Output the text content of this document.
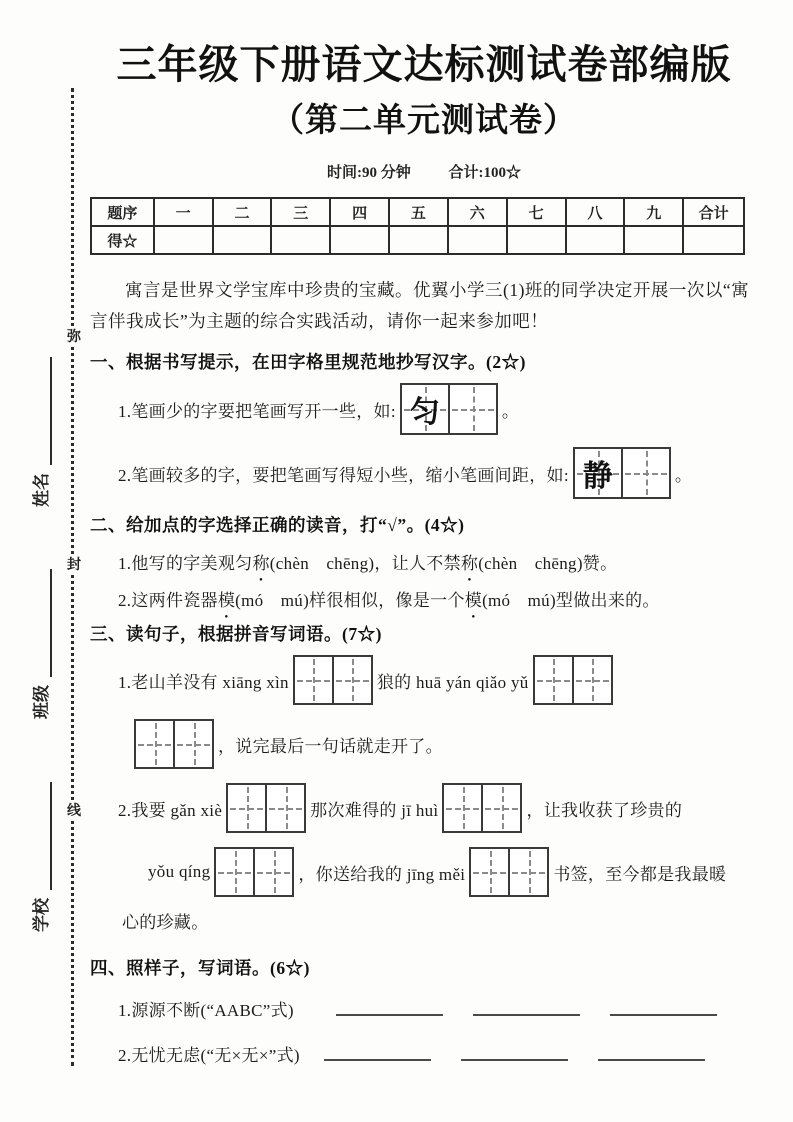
弥
封
线
姓名
班级
学校
三年级下册语文达标测试卷部编版
（第二单元测试卷）
时间:90 分钟	合计:100☆
题序	一	二	三	四	五	六	七	八	九	合计
得☆										

寓言是世界文学宝库中珍贵的宝藏。优翼小学三(1)班的同学决定开展一次以“寓言伴我成长”为主题的综合实践活动，请你一起来参加吧！

一、根据书写提示，在田字格里规范地抄写汉字。(2☆)
1.笔画少的字要把笔画写开一些，如: 匀	。
2.笔画较多的字，要把笔画写得短小些，缩小笔画间距，如: 静	。
二、给加点的字选择正确的读音，打“√”。(4☆)
1.他写的字美观匀称 ●(chèn　chēng)，让人不禁称 ●(chèn　chēng)赞。
2.这两件瓷器模 ●(mó　mú)样很相似，像是一个模 ●(mó　mú)型做出来的。
三、读句子，根据拼音写词语。(7☆)
1.老山羊没有 xiāng xìn	狼的 huā yán qiǎo yǔ
，说完最后一句话就走开了。
2.我要 gǎn xiè	那次难得的 jī huì	，让我收获了珍贵的
yǒu qíng	，你送给我的 jīng měi	书签，至今都是我最暖
心的珍藏。
四、照样子，写词语。(6☆)
1.源源不断(“AABC”式)
2.无忧无虑(“无×无×”式)
